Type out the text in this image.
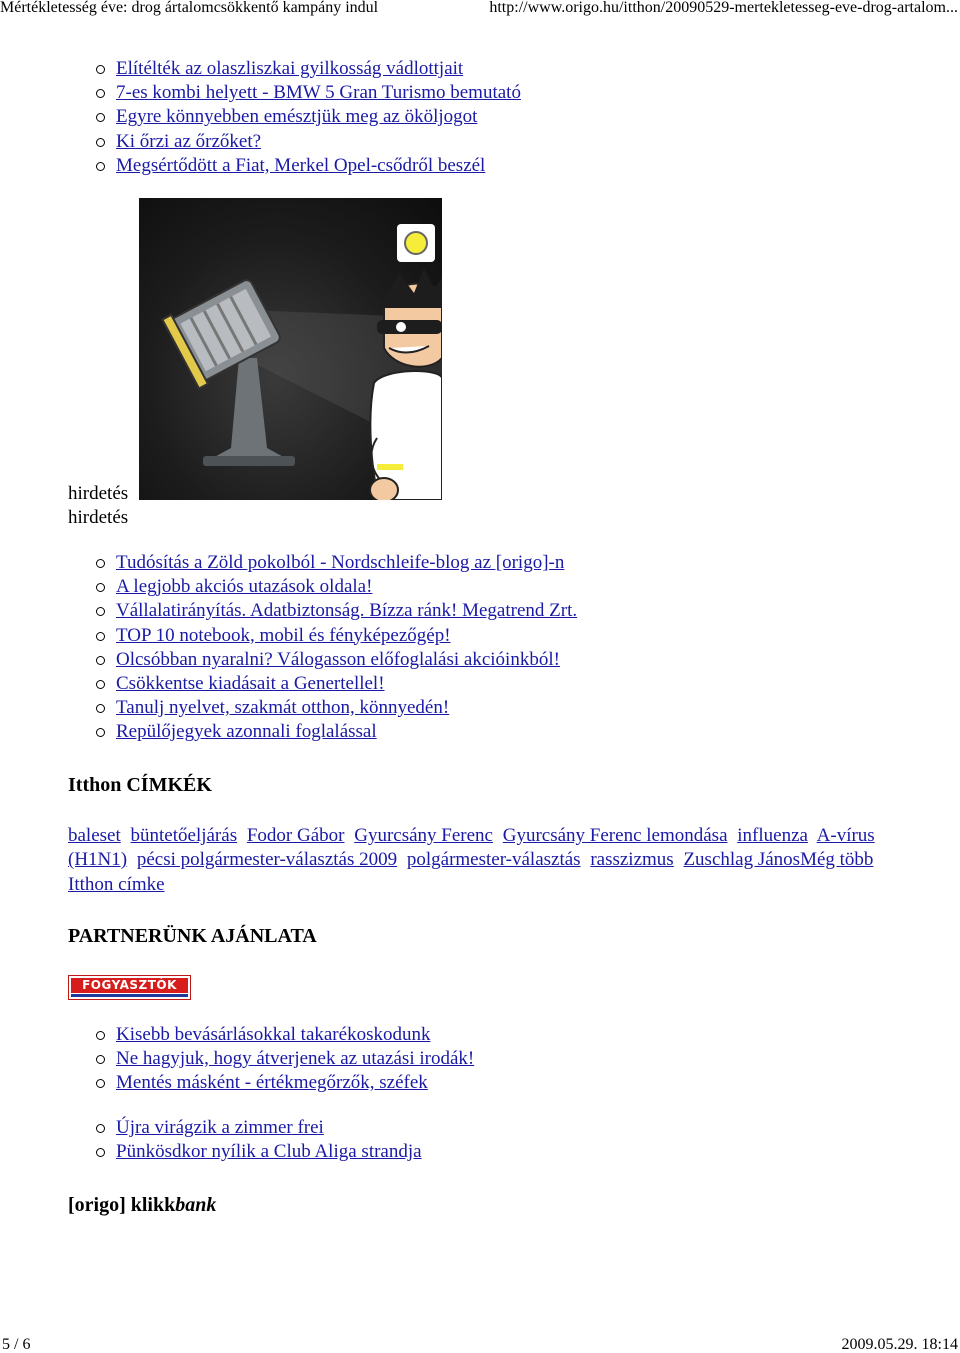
Mértékletesség éve: drog ártalomcsökkentő kampány indul	http://www.origo.hu/itthon/20090529-mertekletesseg-eve-drog-artalom...
Elítélték az olaszliszkai gyilkosság vádlottjait
7-es kombi helyett - BMW 5 Gran Turismo bemutató
Egyre könnyebben emésztjük meg az ököljogot
Ki őrzi az őrzőket?
Megsértődött a Fiat, Merkel Opel-csődről beszél
hirdetés
hirdetés
Tudósítás a Zöld pokolból - Nordschleife-blog az [origo]-n
A legjobb akciós utazások oldala!
Vállalatirányítás. Adatbiztonság. Bízza ránk! Megatrend Zrt.
TOP 10 notebook, mobil és fényképezőgép!
Olcsóbban nyaralni? Válogasson előfoglalási akcióinkból!
Csökkentse kiadásait a Genertellel!
Tanulj nyelvet, szakmát otthon, könnyedén!
Repülőjegyek azonnali foglalással
Itthon CÍMKÉK
baleset büntetőeljárás Fodor Gábor Gyurcsány Ferenc Gyurcsány Ferenc lemondása influenza A-vírus (H1N1) pécsi polgármester-választás 2009 polgármester-választás rasszizmus Zuschlag JánosMég több Itthon címke
PARTNERÜNK AJÁNLATA
FOGYASZTÓK
Kisebb bevásárlásokkal takarékoskodunk
Ne hagyjuk, hogy átverjenek az utazási irodák!
Mentés másként - értékmegőrzők, széfek
Újra virágzik a zimmer frei
Pünkösdkor nyílik a Club Aliga strandja
[origo] klikkbank
5 / 6	2009.05.29. 18:14
